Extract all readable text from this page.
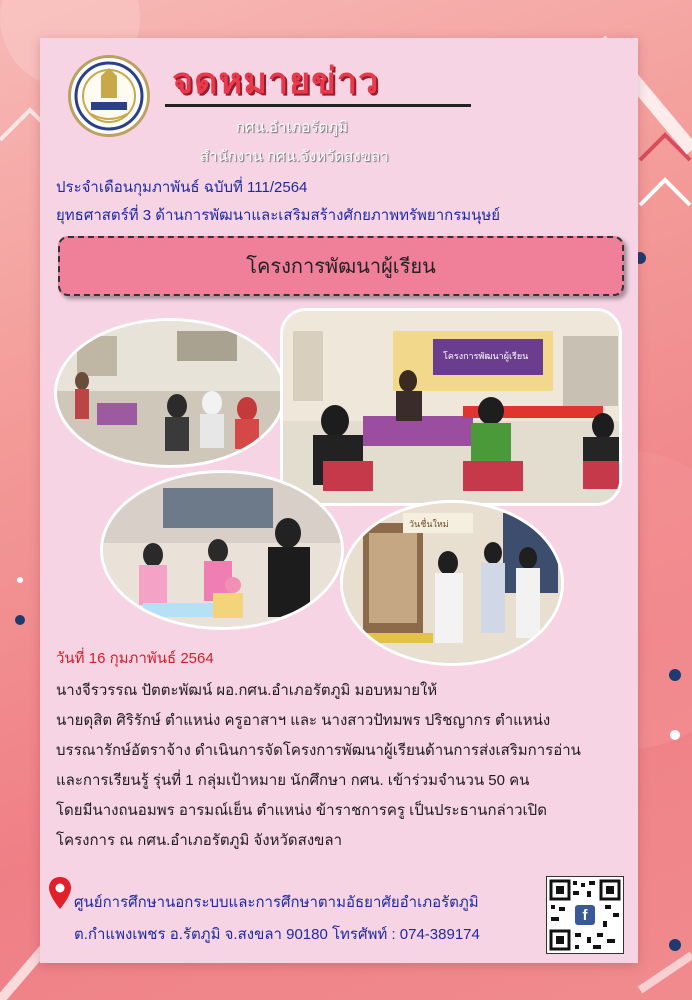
จดหมายข่าว
กศน.อำเภอรัตภูมิ
สำนักงาน กศน.จังหวัดสงขลา
ประจำเดือนกุมภาพันธ์ ฉบับที่ 111/2564
ยุทธศาสตร์ที่ 3 ด้านการพัฒนาและเสริมสร้างศักยภาพทรัพยากรมนุษย์
โครงการพัฒนาผู้เรียน
โครงการพัฒนาผู้เรียน
วันชื่นใหม่
วันที่ 16 กุมภาพันธ์ 2564
นางจีรวรรณ ปัตตะพัฒน์ ผอ.กศน.อำเภอรัตภูมิ มอบหมายให้
นายดุสิต ศิริรักษ์ ตำแหน่ง ครูอาสาฯ และ นางสาวปัทมพร ปริชญากร ตำแหน่ง
บรรณารักษ์อัตราจ้าง ดำเนินการจัดโครงการพัฒนาผู้เรียนด้านการส่งเสริมการอ่าน
และการเรียนรู้ รุ่นที่ 1 กลุ่มเป้าหมาย นักศึกษา กศน. เข้าร่วมจำนวน 50 คน
โดยมีนางถนอมพร อารมณ์เย็น ตำแหน่ง ข้าราชการครู เป็นประธานกล่าวเปิด
โครงการ ณ กศน.อำเภอรัตภูมิ จังหวัดสงขลา
ศูนย์การศึกษานอกระบบและการศึกษาตามอัธยาศัยอำเภอรัตภูมิ
ต.กำแพงเพชร อ.รัตภูมิ จ.สงขลา 90180 โทรศัพท์ : 074-389174
f
